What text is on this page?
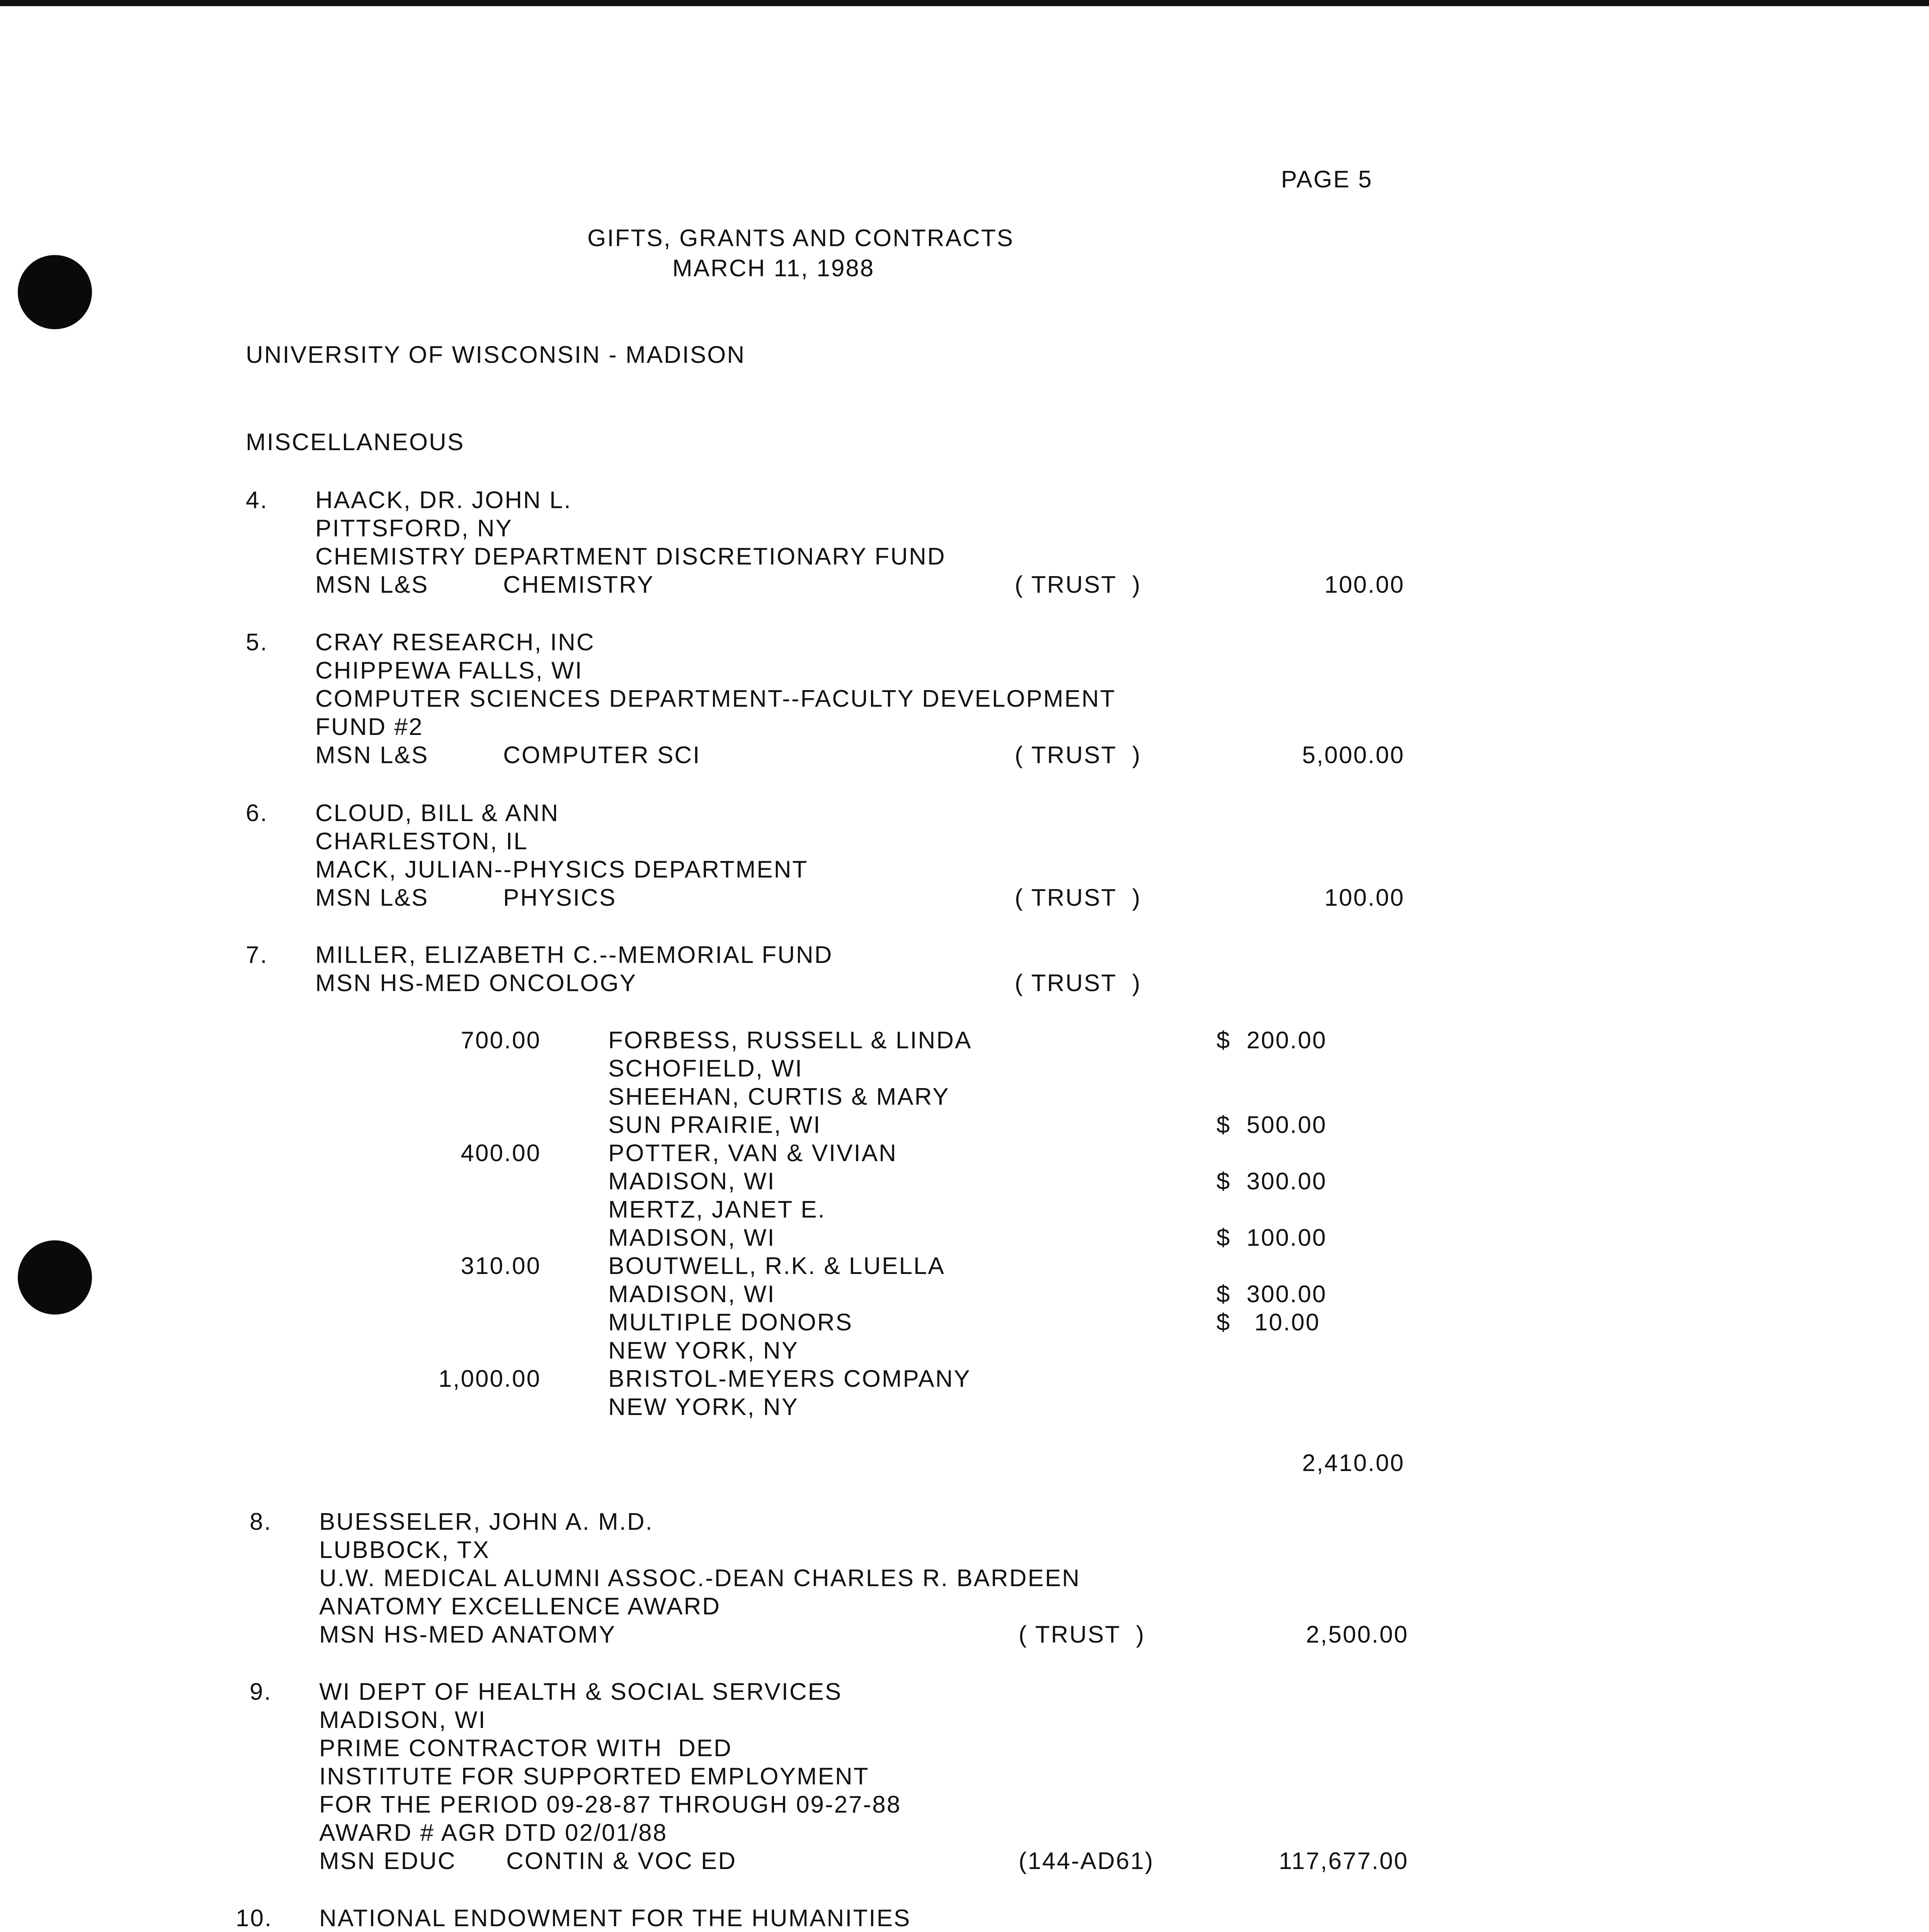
PAGE 5
GIFTS, GRANTS AND CONTRACTS
MARCH 11, 1988
UNIVERSITY OF WISCONSIN - MADISON
MISCELLANEOUS
4. HAACK, DR. JOHN L.
PITTSFORD, NY
CHEMISTRY DEPARTMENT DISCRETIONARY FUND
MSN L&S	CHEMISTRY	( TRUST  )	100.00
5. CRAY RESEARCH, INC
CHIPPEWA FALLS, WI
COMPUTER SCIENCES DEPARTMENT--FACULTY DEVELOPMENT
FUND #2
MSN L&S	COMPUTER SCI	( TRUST  )	5,000.00
6. CLOUD, BILL & ANN
CHARLESTON, IL
MACK, JULIAN--PHYSICS DEPARTMENT
MSN L&S	PHYSICS	( TRUST  )	100.00
7. MILLER, ELIZABETH C.--MEMORIAL FUND
MSN HS-MED ONCOLOGY	( TRUST  )
700.00	FORBESS, RUSSELL & LINDA	$  200.00
SCHOFIELD, WI
SHEEHAN, CURTIS & MARY
SUN PRAIRIE, WI	$  500.00
400.00	POTTER, VAN & VIVIAN
MADISON, WI	$  300.00
MERTZ, JANET E.
MADISON, WI	$  100.00
310.00	BOUTWELL, R.K. & LUELLA
MADISON, WI	$  300.00
MULTIPLE DONORS	$   10.00
NEW YORK, NY
1,000.00	BRISTOL-MEYERS COMPANY
NEW YORK, NY
2,410.00
8. BUESSELER, JOHN A. M.D.
LUBBOCK, TX
U.W. MEDICAL ALUMNI ASSOC.-DEAN CHARLES R. BARDEEN
ANATOMY EXCELLENCE AWARD
MSN HS-MED ANATOMY	( TRUST  )	2,500.00
9. WI DEPT OF HEALTH & SOCIAL SERVICES
MADISON, WI
PRIME CONTRACTOR WITH  DED
INSTITUTE FOR SUPPORTED EMPLOYMENT
FOR THE PERIOD 09-28-87 THROUGH 09-27-88
AWARD # AGR DTD 02/01/88
MSN EDUC CONTIN & VOC ED	(144-AD61)	117,677.00
10. NATIONAL ENDOWMENT FOR THE HUMANITIES
